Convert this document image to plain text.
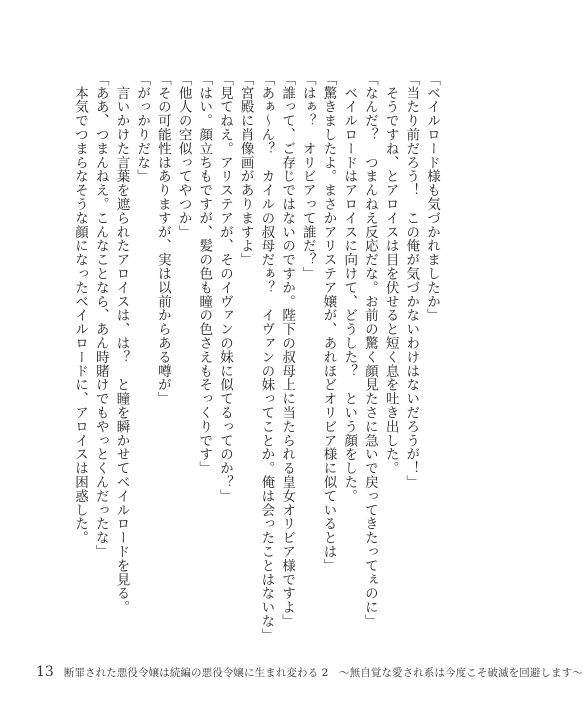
「ベイルロード様も気づかれましたか」
「当たり前だろう！　この俺が気づかないわけはないだろうが！」
　そうですね、とアロイスは目を伏せると短く息を吐き出した。
「なんだ？　つまんねえ反応だな。お前の驚く顔見たさに急いで戻ってきたってぇのに」
　ベイルロードはアロイスに向けて、どうした？　という顔をした。
「驚きましたよ。まさかアリステア嬢が、あれほどオリビア様に似ているとは」
「はぁ？　オリビアって誰だ？」
「誰って、ご存じではないのですか。陛下の叔母上に当たられる皇女オリビア様ですよ」
「あぁ～ん？　カイルの叔母だぁ？　イヴァンの妹ってことか。俺は会ったことはないな」
「宮殿に肖像画がありますよ」
「見てねえ。アリステアが、そのイヴァンの妹に似てるってのか？」
「はい。顔立ちもですが、髪の色も瞳の色さえもそっくりです」
「他人の空似ってやつか」
「その可能性はありますが、実は以前からある噂が」
「がっかりだな」
　言いかけた言葉を遮られたアロイスは、は？　と瞳を瞬かせてベイルロードを見る。
「ああ、つまんねえ。こんなことなら、あん時賭けでもやっとくんだったな」
　本気でつまらなそうな顔になったベイルロードに、アロイスは困惑した。
13 断罪された悪役令嬢は続編の悪役令嬢に生まれ変わる 2　～無自覚な愛され系は今度こそ破滅を回避します～
